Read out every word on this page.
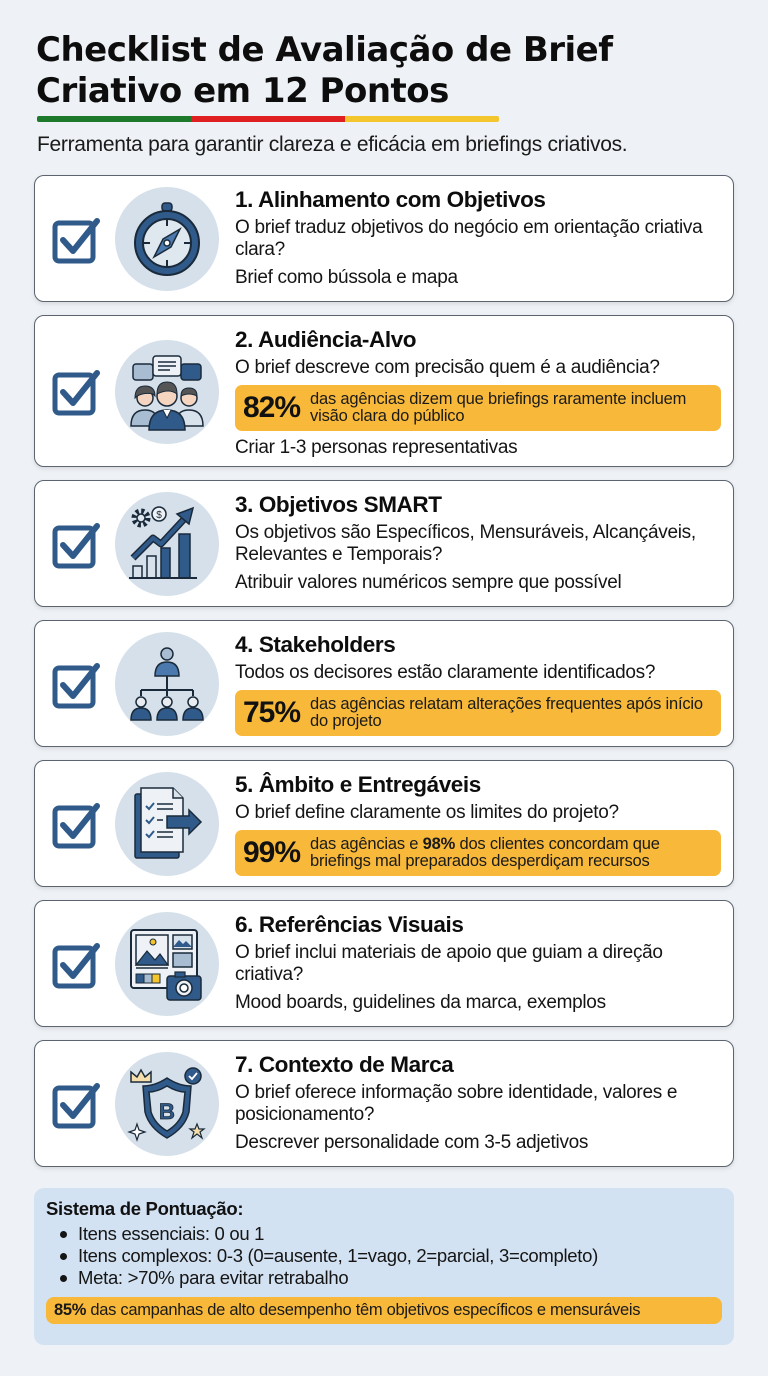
Checklist de Avaliação de Brief
Criativo em 12 Pontos
Ferramenta para garantir clareza e eficácia em briefings criativos.
1. Alinhamento com Objetivos
O brief traduz objetivos do negócio em orientação criativa clara?
Brief como bússola e mapa
2. Audiência-Alvo
O brief descreve com precisão quem é a audiência?
82% das agências dizem que briefings raramente incluem visão clara do público
Criar 1-3 personas representativas
$	3. Objetivos SMART
Os objetivos são Específicos, Mensuráveis, Alcançáveis, Relevantes e Temporais?
Atribuir valores numéricos sempre que possível
4. Stakeholders
Todos os decisores estão claramente identificados?
75% das agências relatam alterações frequentes após início do projeto
5. Âmbito e Entregáveis
O brief define claramente os limites do projeto?
99% das agências e 98% dos clientes concordam que briefings mal preparados desperdiçam recursos
6. Referências Visuais
O brief inclui materiais de apoio que guiam a direção criativa?
Mood boards, guidelines da marca, exemplos
B
7. Contexto de Marca
O brief oferece informação sobre identidade, valores e posicionamento?
Descrever personalidade com 3-5 adjetivos
Sistema de Pontuação:
Itens essenciais: 0 ou 1
Itens complexos: 0-3 (0=ausente, 1=vago, 2=parcial, 3=completo)
Meta: >70% para evitar retrabalho
85% das campanhas de alto desempenho têm objetivos específicos e mensuráveis
